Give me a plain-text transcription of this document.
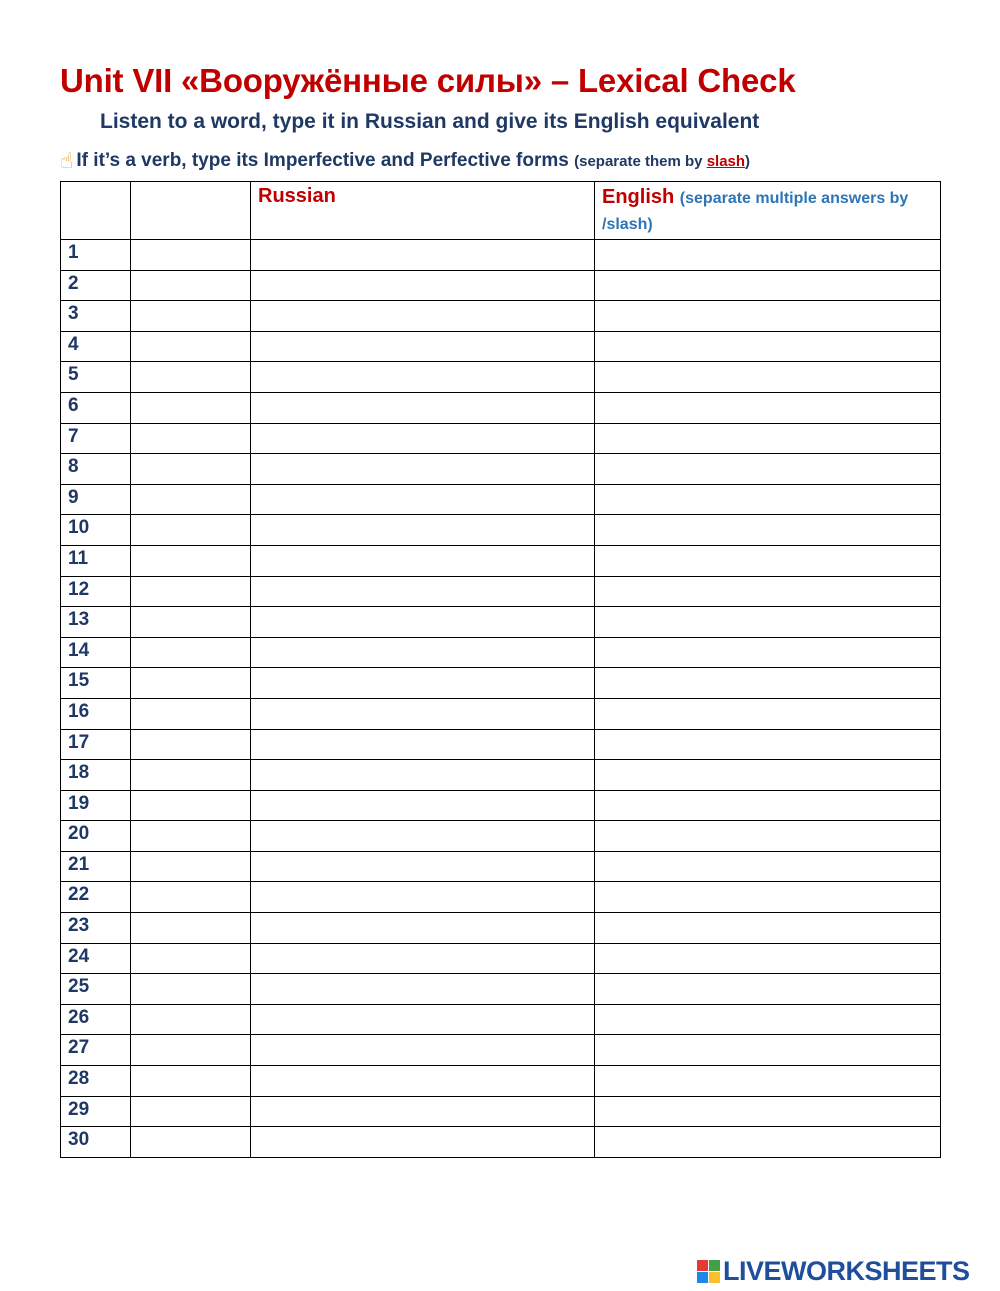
Unit VII «Вооружённые силы» – Lexical Check
Listen to a word, type it in Russian and give its English equivalent
☝ If it’s a verb, type its Imperfective and Perfective forms (separate them by slash)
		Russian	English (separate multiple answers by /slash)
1			
2			
3			
4			
5			
6			
7			
8			
9			
10			
11			
12			
13			
14			
15			
16			
17			
18			
19			
20			
21			
22			
23			
24			
25			
26			
27			
28			
29			
30			
LIVEWORKSHEETS
